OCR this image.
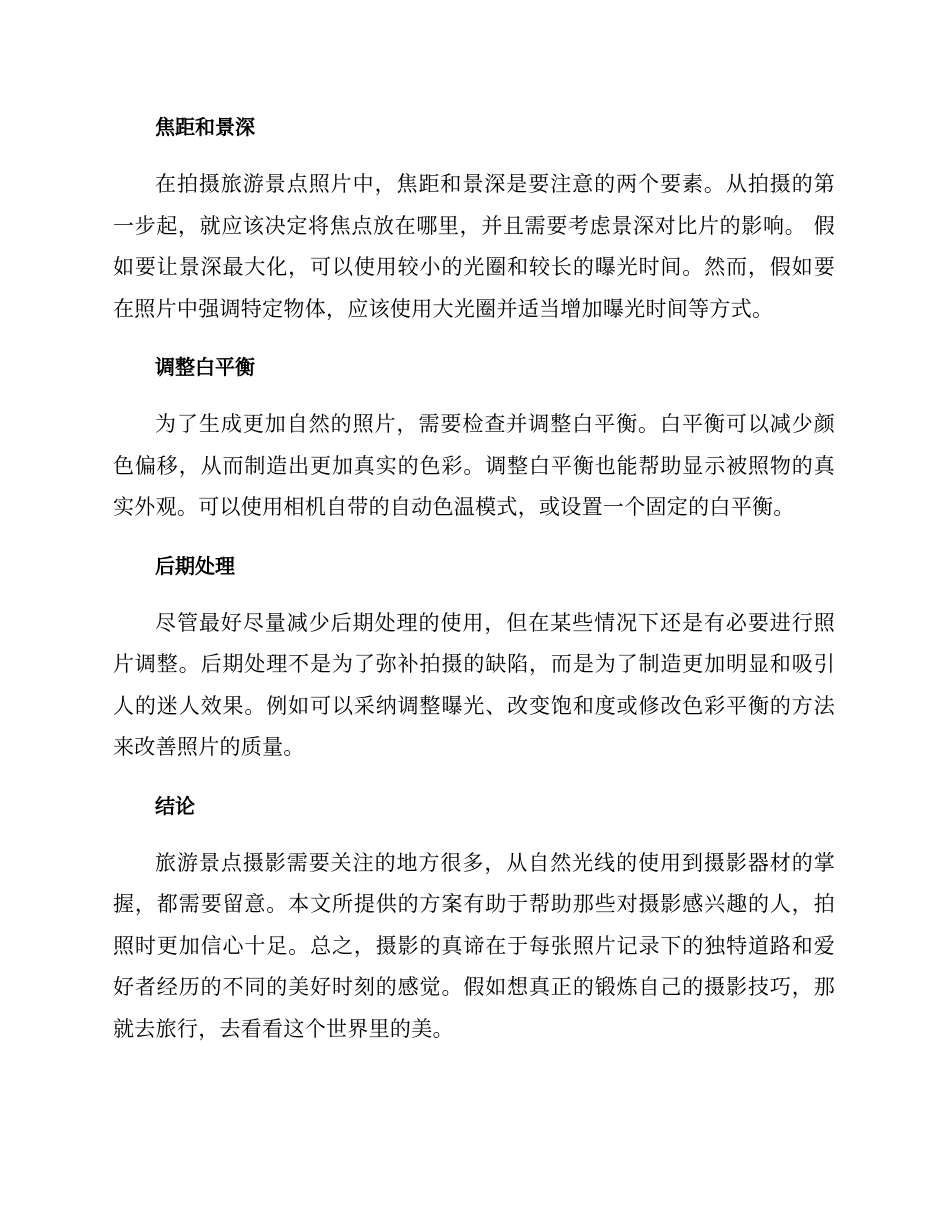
焦距和景深

在拍摄旅游景点照片中，焦距和景深是要注意的两个要素。从拍摄的第一步起，就应该决定将焦点放在哪里，并且需要考虑景深对比片的影响。 假如要让景深最大化，可以使用较小的光圈和较长的曝光时间。然而，假如要在照片中强调特定物体，应该使用大光圈并适当增加曝光时间等方式。

调整白平衡

为了生成更加自然的照片，需要检查并调整白平衡。白平衡可以减少颜色偏移，从而制造出更加真实的色彩。调整白平衡也能帮助显示被照物的真实外观。可以使用相机自带的自动色温模式，或设置一个固定的白平衡。

后期处理

尽管最好尽量减少后期处理的使用，但在某些情况下还是有必要进行照片调整。后期处理不是为了弥补拍摄的缺陷，而是为了制造更加明显和吸引人的迷人效果。例如可以采纳调整曝光、改变饱和度或修改色彩平衡的方法来改善照片的质量。

结论

旅游景点摄影需要关注的地方很多，从自然光线的使用到摄影器材的掌握，都需要留意。本文所提供的方案有助于帮助那些对摄影感兴趣的人，拍照时更加信心十足。总之，摄影的真谛在于每张照片记录下的独特道路和爱好者经历的不同的美好时刻的感觉。假如想真正的锻炼自己的摄影技巧，那就去旅行，去看看这个世界里的美。
